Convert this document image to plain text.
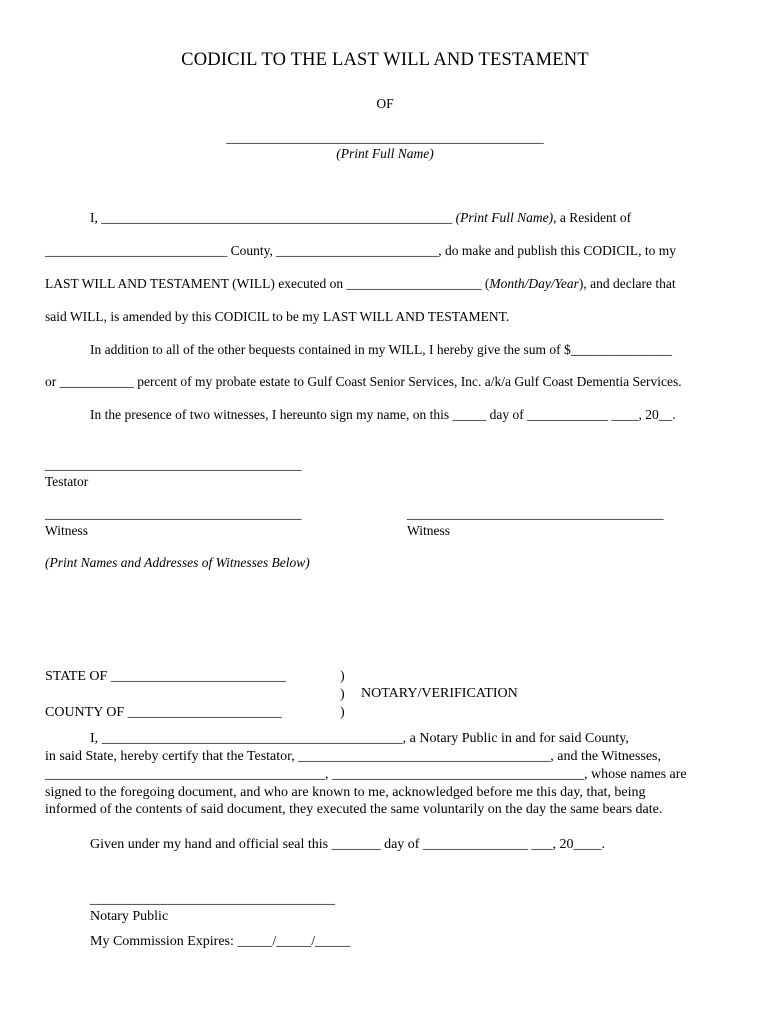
CODICIL TO THE LAST WILL AND TESTAMENT
OF
_______________________________________________
(Print Full Name)
I, ____________________________________________________ (Print Full Name), a Resident of
___________________________ County, ________________________, do make and publish this CODICIL, to my
LAST WILL AND TESTAMENT (WILL) executed on ____________________ (Month/Day/Year), and declare that
said WILL, is amended by this CODICIL to be my LAST WILL AND TESTAMENT.
In addition to all of the other bequests contained in my WILL, I hereby give the sum of $_______________
or ___________ percent of my probate estate to Gulf Coast Senior Services, Inc. a/k/a Gulf Coast Dementia Services.
In the presence of two witnesses, I hereunto sign my name, on this _____ day of ____________ ____, 20__.
______________________________________
Testator
______________________________________
Witness
______________________________________
Witness
(Print Names and Addresses of Witnesses Below)
STATE OF _________________________
COUNTY OF ______________________
)
)
)
NOTARY/VERIFICATION
I, ___________________________________________, a Notary Public in and for said County,
in said State, hereby certify that the Testator, ____________________________________, and the Witnesses,
________________________________________, ____________________________________, whose names are
signed to the foregoing document, and who are known to me, acknowledged before me this day, that, being
informed of the contents of said document, they executed the same voluntarily on the day the same bears date.
Given under my hand and official seal this _______ day of _______________ ___, 20____.
___________________________________
Notary Public
My Commission Expires: _____/_____/_____
